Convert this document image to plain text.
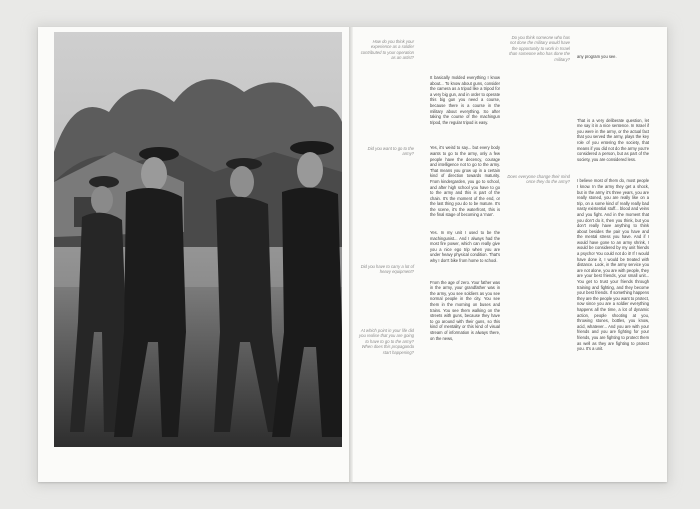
How do you think your experience as a soldier contributed to your operation as an artist?
Did you want to go to the army?
Did you have to carry a lot of heavy equipment?
At which point in your life did you realise that you are going to have to go to the army? When does this propaganda start happening?
Do you think someone who has not done the military would have the opportunity to work in Israel than someone who has done the military?
Does everyone change their mind once they do the army?

It basically molded everything I know about... To know about guns, consider the camera as a tripod like a tripod for a very big gun, and in order to operate this big gun you need a course, because there is a course in the military about everything. So after taking the course of the machingun tripod, the regular tripod is easy.

Yes, it's weird to say... but every body wants to go to the army, only a few people have the decency, courage and intelligence not to go to the army. That means you grow up in a certain kind of direction towards maturity. From kindergarden, you go to school, and after high school you have to go to the army and this is part of the chain. It's the moment of the end, or the last thing you do to be mature. It's the scene, it's the waterfront, this is the final stage of becoming a 'man'.

Yes. In my unit I used to be the machingunist... And I always had the most fire power, which can really give you a nice ego trip when you are under heavy physical condition. That's why I don't bike from home to school.

From the age of zero. Your father was in the army, your grandfather was in the army, you see soldiers as you see normal people in the city. You see them in the morning on buses and trains. You see them walking on the streets with guns, because they have to go around with their guns, so this kind of mentality or this kind of visual stream of information is always there, on the news,

any program you see.

That is a very deliberate question, let me say it in a nice sentence. In Israel if you were in the army, or the actual fact that you served the army, plays the key role of you entering the society, that means if you did not do the army you're considered a person, but as part of the society, you are considered less.

I believe most of them do, most people I know. In the army they get a shock, but in the army it's three years, you are really stoned, you are really like on a trip, on a some kind of really really bad nasty existential stuff... blood and veins and you fight. And in the moment that you don't do it, then you think, but you don't really have anything to think about besides the pair you have and the mental stress you have. And if I would have gone to an army shrink, I would be considered by my unit friends a psycho! You could not do it! If I would have done it, I would be treated with distance. Look, in the army service you are not alone, you are with people, they are your best friends, your small unit... You get to trust your friends through training and fighting, and they become your best friends. If something happens they are the people you want to protect, now since you are a soldier everything happens all the time, a lot of dynamic action, people shooting at you, throwing stones, bottles, you know, acid, whatever... And you are with your friends and you are fighting for your friends, you are fighting to protect them as well as they are fighting to protect you. It's a unit.
